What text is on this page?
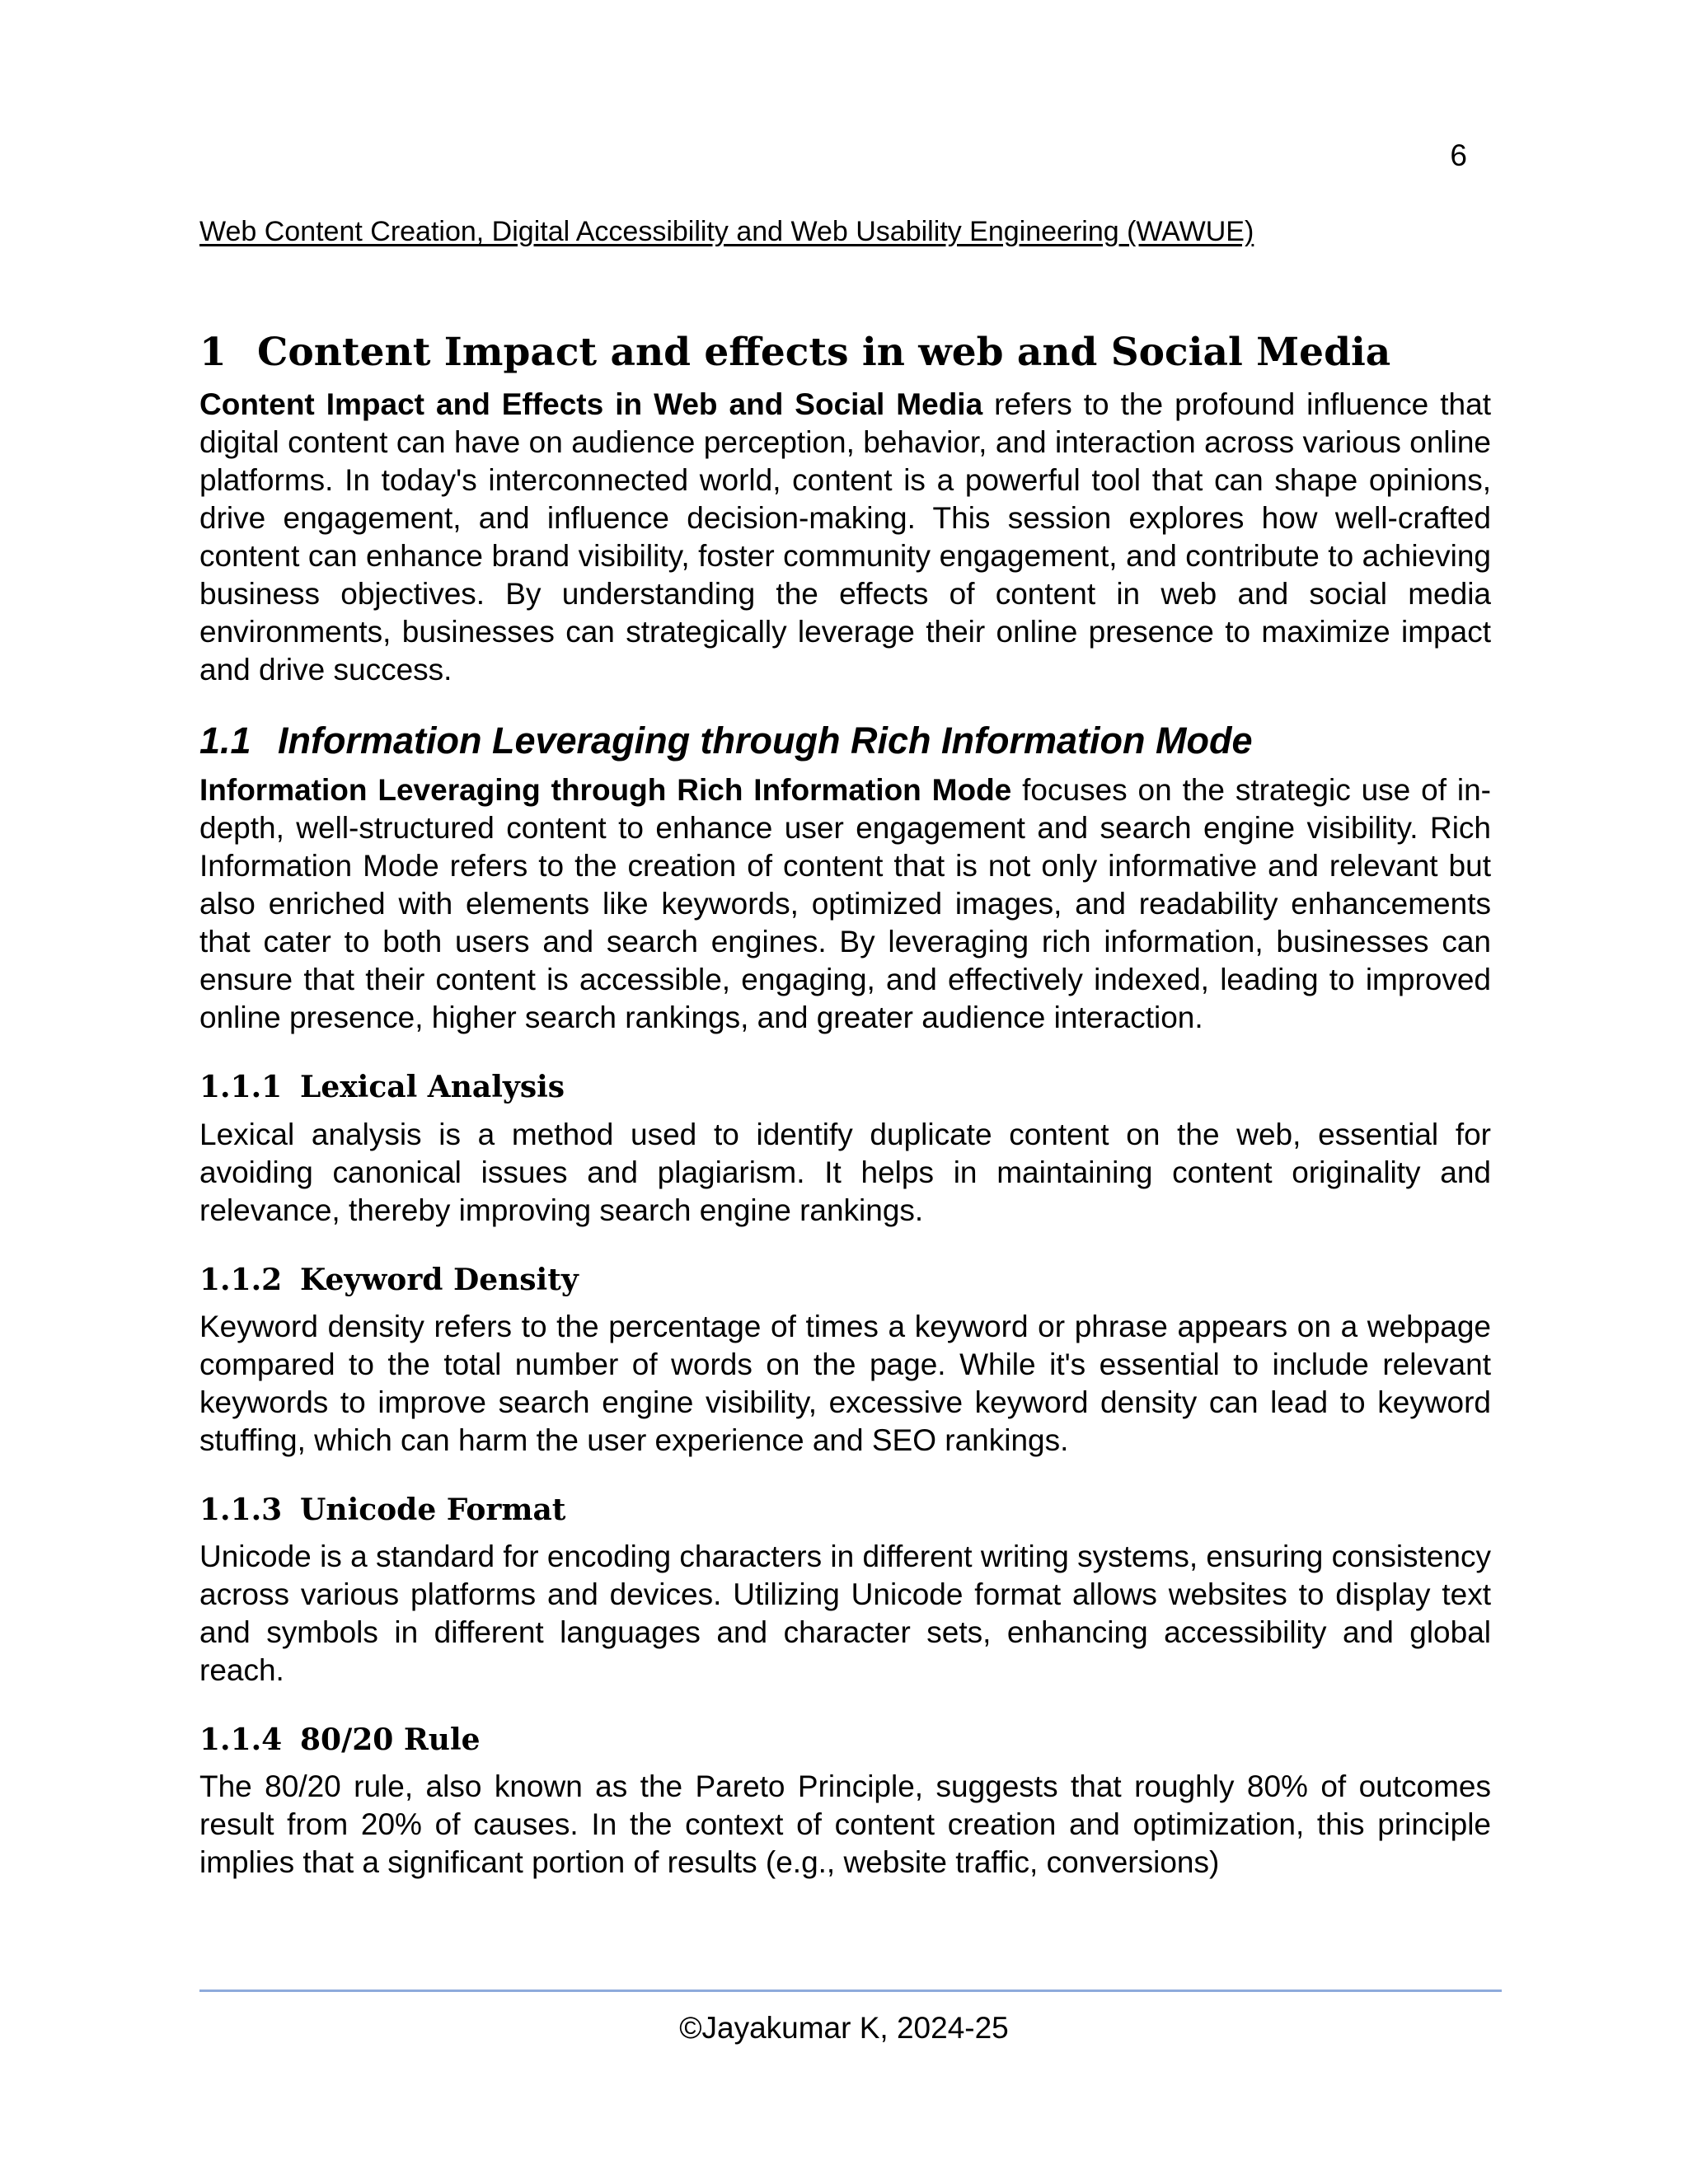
6
Web Content Creation, Digital Accessibility and Web Usability Engineering (WAWUE)
1 Content Impact and effects in web and Social Media

Content Impact and Effects in Web and Social Media refers to the profound influence that digital content can have on audience perception, behavior, and interaction across various online platforms. In today's interconnected world, content is a powerful tool that can shape opinions, drive engagement, and influence decision-making. This session explores how well-crafted content can enhance brand visibility, foster community engagement, and contribute to achieving business objectives. By understanding the effects of content in web and social media environments, businesses can strategically leverage their online presence to maximize impact and drive success.

1.1 Information Leveraging through Rich Information Mode

Information Leveraging through Rich Information Mode focuses on the strategic use of in-depth, well-structured content to enhance user engagement and search engine visibility. Rich Information Mode refers to the creation of content that is not only informative and relevant but also enriched with elements like keywords, optimized images, and readability enhancements that cater to both users and search engines. By leveraging rich information, businesses can ensure that their content is accessible, engaging, and effectively indexed, leading to improved online presence, higher search rankings, and greater audience interaction.

1.1.1 Lexical Analysis

Lexical analysis is a method used to identify duplicate content on the web, essential for avoiding canonical issues and plagiarism. It helps in maintaining content originality and relevance, thereby improving search engine rankings.

1.1.2 Keyword Density

Keyword density refers to the percentage of times a keyword or phrase appears on a webpage compared to the total number of words on the page. While it's essential to include relevant keywords to improve search engine visibility, excessive keyword density can lead to keyword stuffing, which can harm the user experience and SEO rankings.

1.1.3 Unicode Format

Unicode is a standard for encoding characters in different writing systems, ensuring consistency across various platforms and devices. Utilizing Unicode format allows websites to display text and symbols in different languages and character sets, enhancing accessibility and global reach.

1.1.4 80/20 Rule

The 80/20 rule, also known as the Pareto Principle, suggests that roughly 80% of outcomes result from 20% of causes. In the context of content creation and optimization, this principle implies that a significant portion of results (e.g., website traffic, conversions)

©Jayakumar K, 2024-25
